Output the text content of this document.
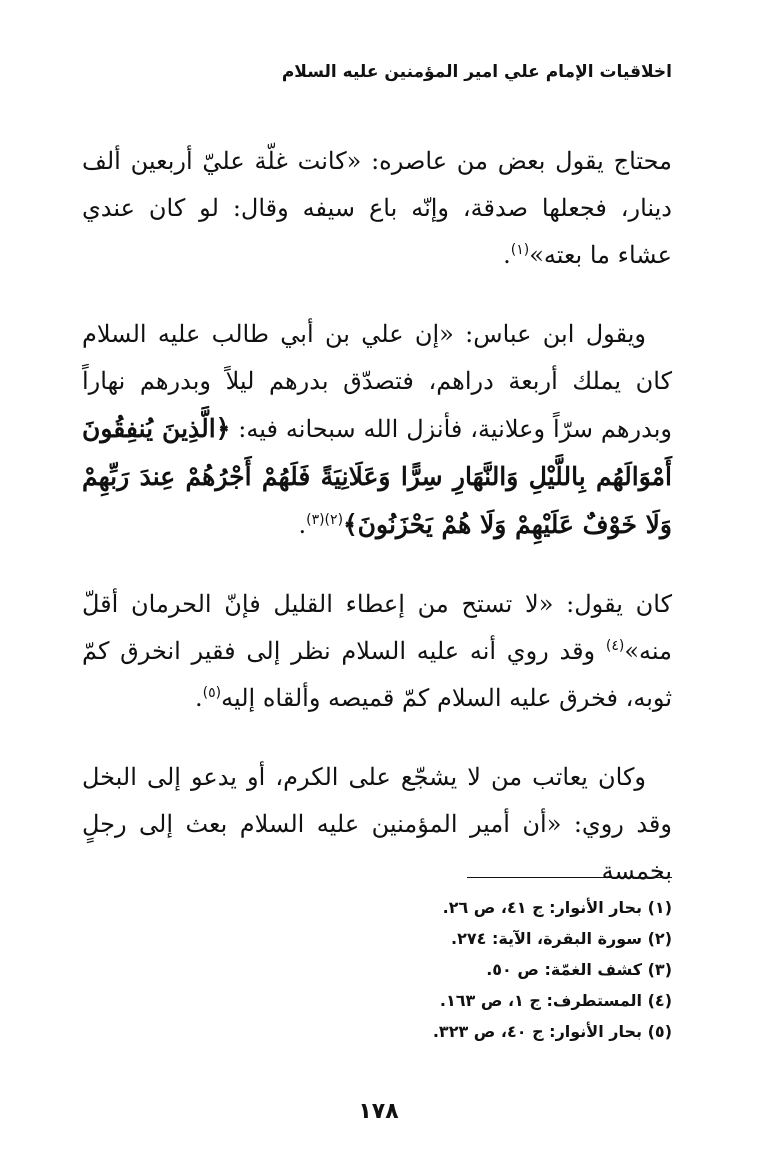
اخلاقيات الإمام علي امير المؤمنين عليه السلام

محتاج يقول بعض من عاصره: «كانت غلّة عليّ أربعين ألف دينار، فجعلها صدقة، وإنّه باع سيفه وقال: لو كان عندي عشاء ما بعته»$^{(١)}$.

ويقول ابن عباس: «إن علي بن أبي طالب عليه السلام كان يملك أربعة دراهم، فتصدّق بدرهم ليلاً وبدرهم نهاراً وبدرهم سرّاً وعلانية، فأنزل الله سبحانه فيه: ﴿الَّذِينَ يُنفِقُونَ أَمْوَالَهُم بِاللَّيْلِ وَالنَّهَارِ سِرًّا وَعَلَانِيَةً فَلَهُمْ أَجْرُهُمْ عِندَ رَبِّهِمْ وَلَا خَوْفٌ عَلَيْهِمْ وَلَا هُمْ يَحْزَنُونَ﴾$^{(٢)(٣)}$.

كان يقول: «لا تستح من إعطاء القليل فإنّ الحرمان أقلّ منه»$^{(٤)}$ وقد روي أنه عليه السلام نظر إلى فقير انخرق كمّ ثوبه، فخرق عليه السلام كمّ قميصه وألقاه إليه$^{(٥)}$.

وكان يعاتب من لا يشجّع على الكرم، أو يدعو إلى البخل وقد روي: «أن أمير المؤمنين عليه السلام بعث إلى رجلٍ بخمسة

(١) بحار الأنوار: ج ٤١، ص ٢٦.
(٢) سورة البقرة، الآية: ٢٧٤.
(٣) كشف الغمّة: ص ٥٠.
(٤) المستطرف: ج ١، ص ١٦٣.
(٥) بحار الأنوار: ج ٤٠، ص ٣٢٣.
١٧٨
